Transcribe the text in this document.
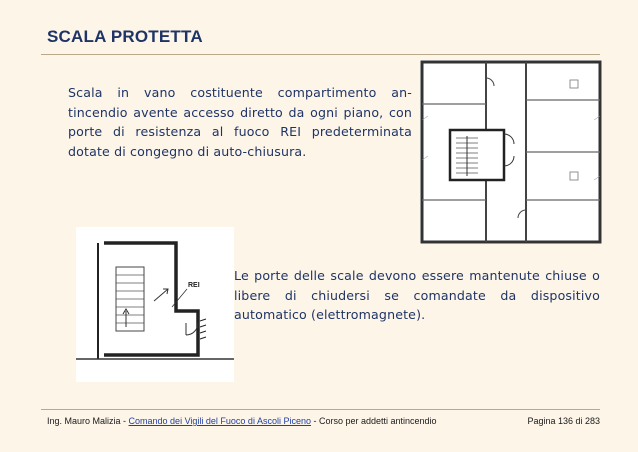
SCALA PROTETTA
Scala in vano costituente compartimento an-tincendio avente accesso diretto da ogni piano, con porte di resistenza al fuoco REI predeterminata dotate di congegno di auto-chiusura.
REI
Le porte delle scale devono essere mantenute chiuse o libere di chiudersi se comandate da dispositivo automatico (elettromagnete).
Ing. Mauro Malizia - Comando dei Vigili del Fuoco di Ascoli Piceno - Corso per addetti antincendio	Pagina 136 di 283
